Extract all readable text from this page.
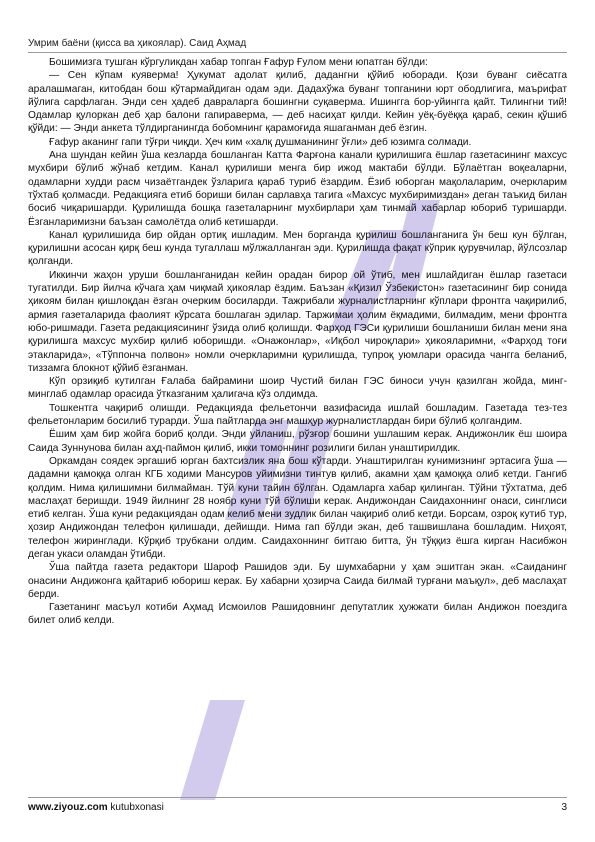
Умрим баёни (қисса ва ҳикоялар). Саид Аҳмад

Бошимизга тушган кўргуликдан хабар топган Ғафур Ғулом мени юпатган бўлди:

— Сен кўпам куяверма! Ҳукумат адолат қилиб, дадангни қўйиб юборади. Қози буванг сиёсатга аралашмаган, китобдан бош кўтармайдиган одам эди. Дадахўжа буванг топганини юрт ободлигига, маърифат йўлига сарфлаган. Энди сен ҳадеб давраларга бошингни суқаверма. Ишингга бор-уйингга қайт. Тилингни тий! Одамлар қулоркан деб ҳар балони гапираверма, — деб насиҳат қилди. Кейин уёқ-буёққа қараб, секин қўшиб қўйди: — Энди анкета тўлдирганингда бобомнинг қарамоғида яшаганман деб ёзгин.

Ғафур аканинг гапи тўғри чиқди. Ҳеч ким «халқ душманининг ўғли» деб юзимга солмади.

Ана шундан кейин ўша кезларда бошланган Катта Фарғона канали қурилишига ёшлар газетасининг махсус мухбири бўлиб жўнаб кетдим. Канал қурилиши менга бир ижод мактаби бўлди. Бўлаётган воқеаларни, одамларни худди расм чизаётгандек ўзларига қараб туриб ёзардим. Ёзиб юборган мақолаларим, очеркларим тўхтаб қолмасди. Редакцияга етиб бориши билан сарлавҳа тагига «Махсус мухбиримиздан» деган таъкид билан босиб чиқаришарди. Қурилишда бошқа газеталарнинг мухбирлари ҳам тинмай хабарлар юбориб туришарди. Ёзганларимизни баъзан самолётда олиб кетишарди.

Канал қурилишида бир ойдан ортиқ ишладим. Мен борганда қурилиш бошланганига ўн беш кун бўлган, қурилишни асосан қирқ беш кунда тугаллаш мўлжалланган эди. Қурилишда фақат кўприк қурувчилар, йўлсозлар қолганди.

Иккинчи жаҳон уруши бошланганидан кейин орадан бирор ой ўтиб, мен ишлайдиган ёшлар газетаси тугатилди. Бир йилча кўчага ҳам чиқмай ҳикоялар ёздим. Баъзан «Қизил Ўзбекистон» газетасининг бир сонида ҳикоям билан қишлоқдан ёзган очерким босиларди. Тажрибали журналистларнинг кўплари фронтга чақирилиб, армия газеталарида фаолият кўрсата бошлаган эдилар. Таржимаи ҳолим ёқмадими, билмадим, мени фронтга юбо-ришмади. Газета редакциясининг ўзида олиб қолишди. Фарҳод ГЭСи қурилиши бошланиши билан мени яна қурилишга махсус мухбир қилиб юборишди. «Онажонлар», «Иқбол чироқлари» ҳикояларимни, «Фарҳод тоғи этакларида», «Тўппонча полвон» номли очеркларимни қурилишда, тупроқ уюмлари орасида чангга беланиб, тиззамга блокнот қўйиб ёзганман.

Кўп орзиқиб кутилган Ғалаба байрамини шоир Чустий билан ГЭС биноси учун қазилган жойда, минг-минглаб одамлар орасида ўтказганим ҳалигача кўз олдимда.

Тошкентга чақириб олишди. Редакцияда фельетончи вазифасида ишлай бошладим. Газетада тез-тез фельетонларим босилиб турарди. Ўша пайтларда энг машҳур журналистлардан бири бўлиб қолгандим.

Ёшим ҳам бир жойга бориб қолди. Энди уйланиш, рўзғор бошини ушлашим керак. Андижонлик ёш шоира Саида Зуннунова билан аҳд-паймон қилиб, икки томоннинг розилиги билан унаштирилдик.

Оркамдан соядек эргашиб юрган бахтсизлик яна бош кўтарди. Унаштирилган кунимизнинг эртасига ўша — дадамни қамоққа олган КГБ ходими Мансуров уйимизни тинтув қилиб, акамни ҳам қамоққа олиб кетди. Гангиб қолдим. Нима қилишимни билмайман. Тўй куни тайин бўлган. Одамларга хабар қилинган. Тўйни тўхтатма, деб маслаҳат беришди. 1949 йилнинг 28 ноябр куни тўй бўлиши керак. Андижондан Саидахоннинг онаси, синглиси етиб келган. Ўша куни редакциядан одам келиб мени зудлик билан чақириб олиб кетди. Борсам, озроқ кутиб тур, ҳозир Андижондан телефон қилишади, дейишди. Нима гап бўлди экан, деб ташвишлана бошладим. Ниҳоят, телефон жиринглади. Кўрқиб трубкани олдим. Саидахоннинг битгаю битта, ўн тўққиз ёшга кирган Насибжон деган укаси оламдан ўтибди.

Ўша пайтда газета редактори Шароф Рашидов эди. Бу шумхабарни у ҳам эшитган экан. «Саиданинг онасини Андижонга қайтариб юбориш керак. Бу хабарни ҳозирча Саида билмай турғани маъқул», деб маслаҳат берди.

Газетанинг масъул котиби Аҳмад Исмоилов Рашидовнинг депутатлик ҳужжати билан Андижон поездига билет олиб келди.

www.ziyouz.com kutubxonasi	3
